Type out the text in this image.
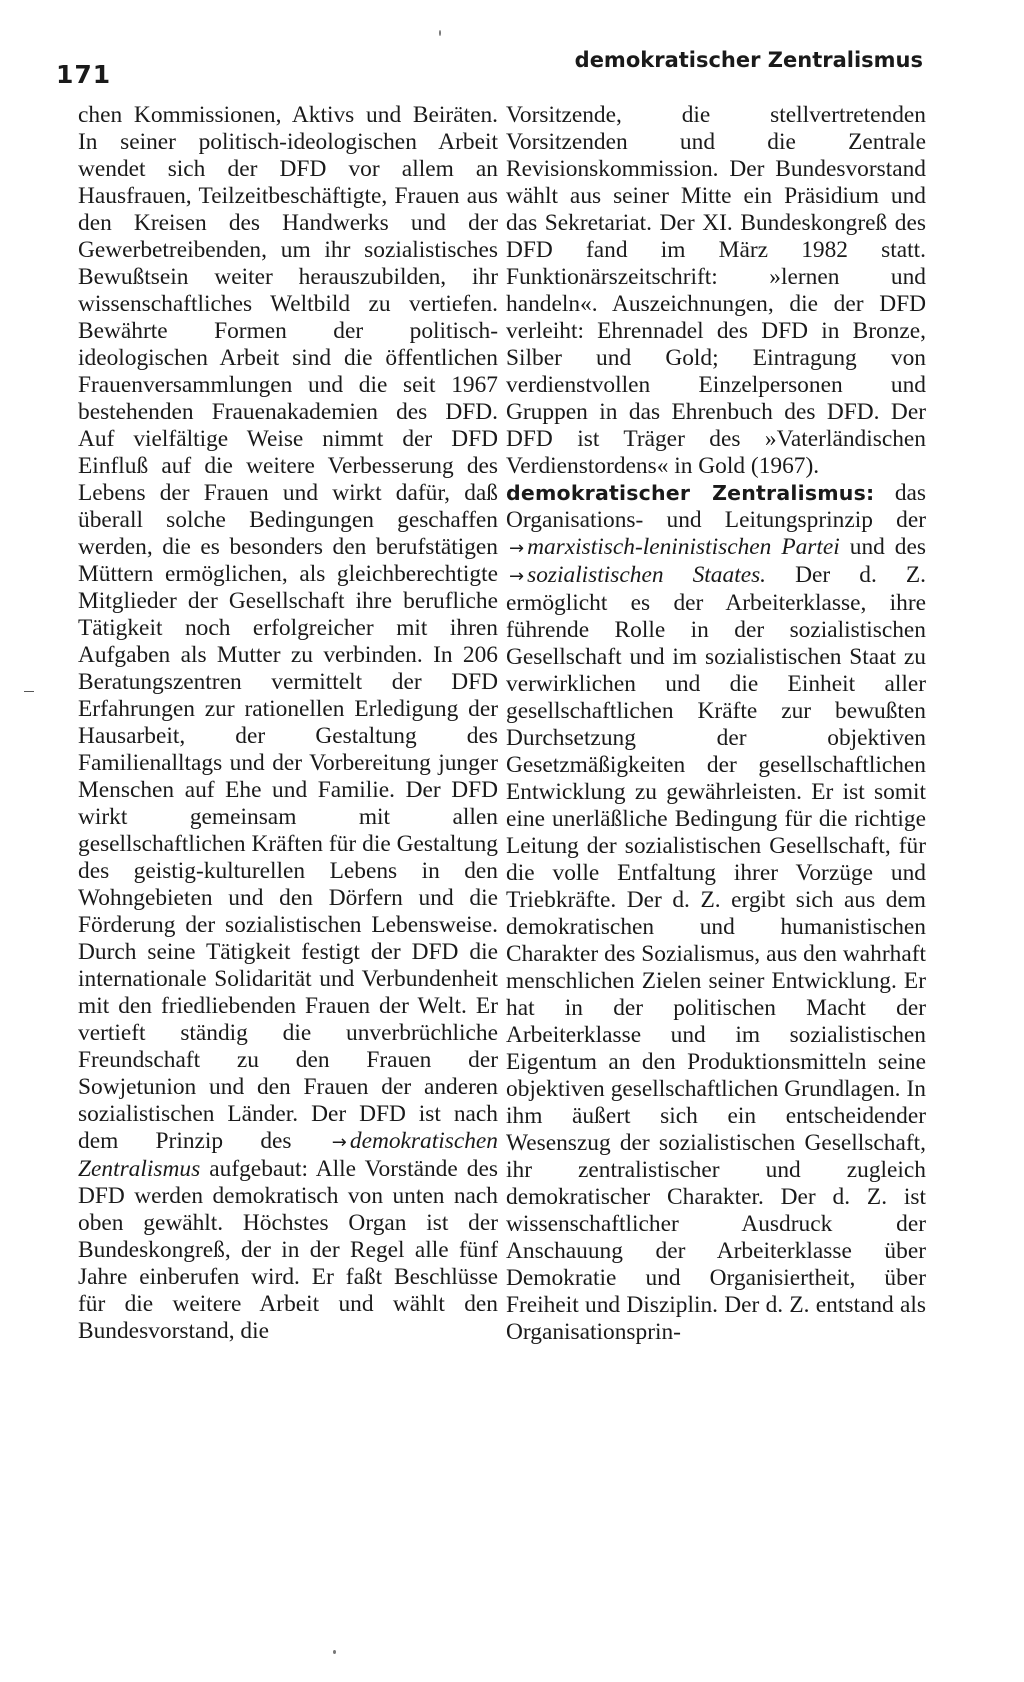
171	demokratischer Zentralismus

chen Kommissionen, Aktivs und Beiräten. In seiner politisch-ideologischen Arbeit wendet sich der DFD vor allem an Hausfrauen, Teilzeitbeschäftigte, Frauen aus den Kreisen des Handwerks und der Gewerbetreibenden, um ihr sozialistisches Bewußtsein weiter herauszubilden, ihr wissenschaftliches Weltbild zu vertiefen. Bewährte Formen der politisch-ideologischen Arbeit sind die öffentlichen Frauenversammlungen und die seit 1967 bestehenden Frauenakademien des DFD. Auf vielfältige Weise nimmt der DFD Einfluß auf die weitere Verbesserung des Lebens der Frauen und wirkt dafür, daß überall solche Bedingungen geschaffen werden, die es besonders den berufstätigen Müttern ermöglichen, als gleichberechtigte Mitglieder der Gesellschaft ihre berufliche Tätigkeit noch erfolgreicher mit ihren Aufgaben als Mutter zu verbinden. In 206 Beratungszentren vermittelt der DFD Erfahrungen zur rationellen Erledigung der Hausarbeit, der Gestaltung des Familienalltags und der Vorbereitung junger Menschen auf Ehe und Familie. Der DFD wirkt gemeinsam mit allen gesellschaftlichen Kräften für die Gestaltung des geistig-kulturellen Lebens in den Wohngebieten und den Dörfern und die Förderung der sozialistischen Lebensweise. Durch seine Tätigkeit festigt der DFD die internationale Solidarität und Verbundenheit mit den friedliebenden Frauen der Welt. Er vertieft ständig die unverbrüchliche Freundschaft zu den Frauen der Sowjetunion und den Frauen der anderen sozialistischen Länder. Der DFD ist nach dem Prinzip des → demokratischen Zentralismus aufgebaut: Alle Vorstände des DFD werden demokratisch von unten nach oben gewählt. Höchstes Organ ist der Bundeskongreß, der in der Regel alle fünf Jahre einberufen wird. Er faßt Beschlüsse für die weitere Arbeit und wählt den Bundesvorstand, die

Vorsitzende, die stellvertretenden Vorsitzenden und die Zentrale Revisionskommission. Der Bundesvorstand wählt aus seiner Mitte ein Präsidium und das Sekretariat. Der XI. Bundeskongreß des DFD fand im März 1982 statt. Funktionärszeitschrift: »lernen und handeln«. Auszeichnungen, die der DFD verleiht: Ehrennadel des DFD in Bronze, Silber und Gold; Eintragung von verdienstvollen Einzelpersonen und Gruppen in das Ehrenbuch des DFD. Der DFD ist Träger des »Vaterländischen Verdienstordens« in Gold (1967).

demokratischer Zentralismus: das Organisations- und Leitungsprinzip der → marxistisch-leninistischen Partei und des → sozialistischen Staates. Der d. Z. ermöglicht es der Arbeiterklasse, ihre führende Rolle in der sozialistischen Gesellschaft und im sozialistischen Staat zu verwirklichen und die Einheit aller gesellschaftlichen Kräfte zur bewußten Durchsetzung der objektiven Gesetzmäßigkeiten der gesellschaftlichen Entwicklung zu gewährleisten. Er ist somit eine unerläßliche Bedingung für die richtige Leitung der sozialistischen Gesellschaft, für die volle Entfaltung ihrer Vorzüge und Triebkräfte. Der d. Z. ergibt sich aus dem demokratischen und humanistischen Charakter des Sozialismus, aus den wahrhaft menschlichen Zielen seiner Entwicklung. Er hat in der politischen Macht der Arbeiterklasse und im sozialistischen Eigentum an den Produktionsmitteln seine objektiven gesellschaftlichen Grundlagen. In ihm äußert sich ein entscheidender Wesenszug der sozialistischen Gesellschaft, ihr zentralistischer und zugleich demokratischer Charakter. Der d. Z. ist wissenschaftlicher Ausdruck der Anschauung der Arbeiterklasse über Demokratie und Organisiertheit, über Freiheit und Disziplin. Der d. Z. entstand als Organisationsprin-
